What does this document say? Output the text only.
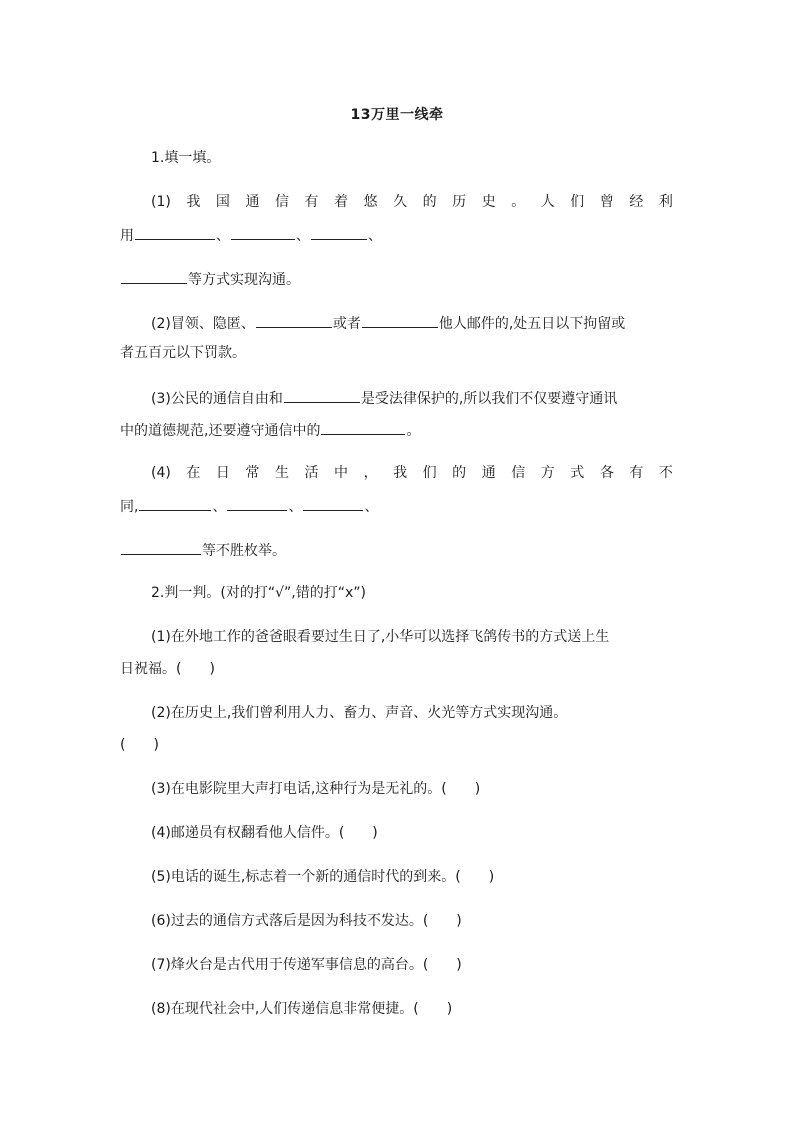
13万里一线牵
1.填一填。
(1) 我 国 通 信 有 着 悠 久 的 历 史 。 人 们 曾 经 利
用	、	、	、
等方式实现沟通。
(2)冒领、隐匿、	或者	他人邮件的,处五日以下拘留或
者五百元以下罚款。
(3)公民的通信自由和	是受法律保护的,所以我们不仅要遵守通讯
中的道德规范,还要遵守通信中的	。
(4) 在 日 常 生 活 中 ， 我 们 的 通 信 方 式 各 有 不
同,	、	、	、
等不胜枚举。
2.判一判。(对的打“√”,错的打“x”)
(1)在外地工作的爸爸眼看要过生日了,小华可以选择飞鸽传书的方式送上生
日祝福。(　　)
(2)在历史上,我们曾利用人力、畜力、声音、火光等方式实现沟通。
(　　)
(3)在电影院里大声打电话,这种行为是无礼的。(　　)
(4)邮递员有权翻看他人信件。(　　)
(5)电话的诞生,标志着一个新的通信时代的到来。(　　)
(6)过去的通信方式落后是因为科技不发达。(　　)
(7)烽火台是古代用于传递军事信息的高台。(　　)
(8)在现代社会中,人们传递信息非常便捷。(　　)
